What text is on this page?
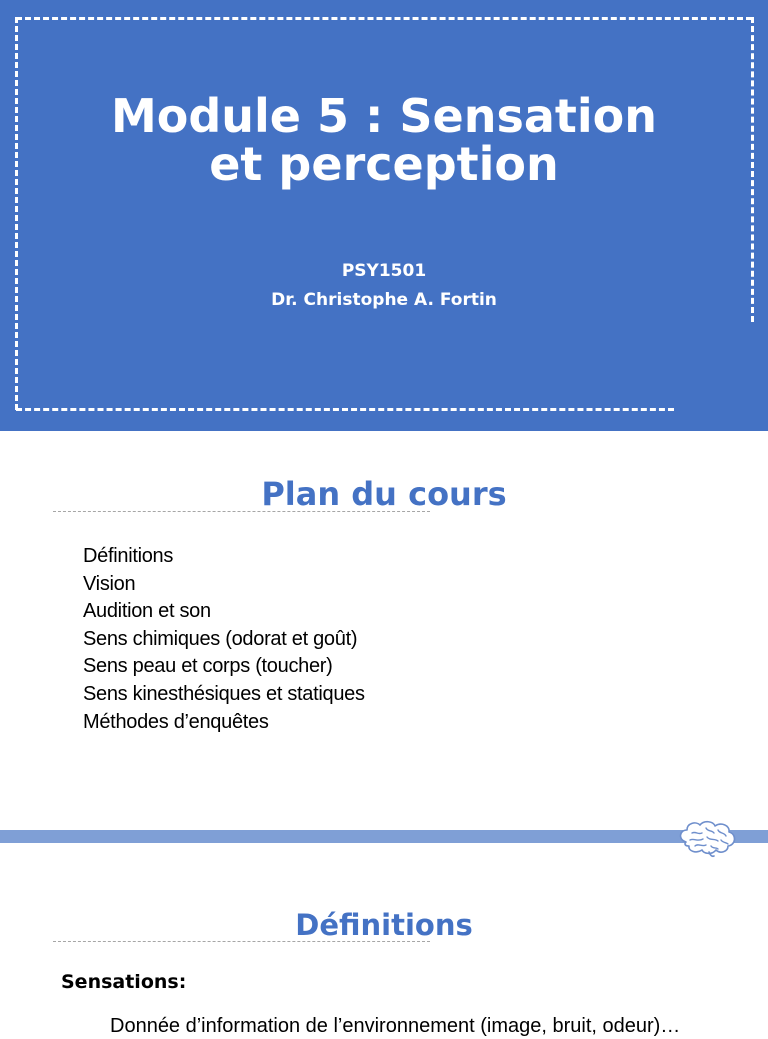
Module 5 : Sensation
et perception
PSY1501
Dr. Christophe A. Fortin
Plan du cours
Définitions
Vision
Audition et son
Sens chimiques (odorat et goût)
Sens peau et corps (toucher)
Sens kinesthésiques et statiques
Méthodes d’enquêtes
Définitions
Sensations:
Donnée d’information de l’environnement (image, bruit, odeur)…
